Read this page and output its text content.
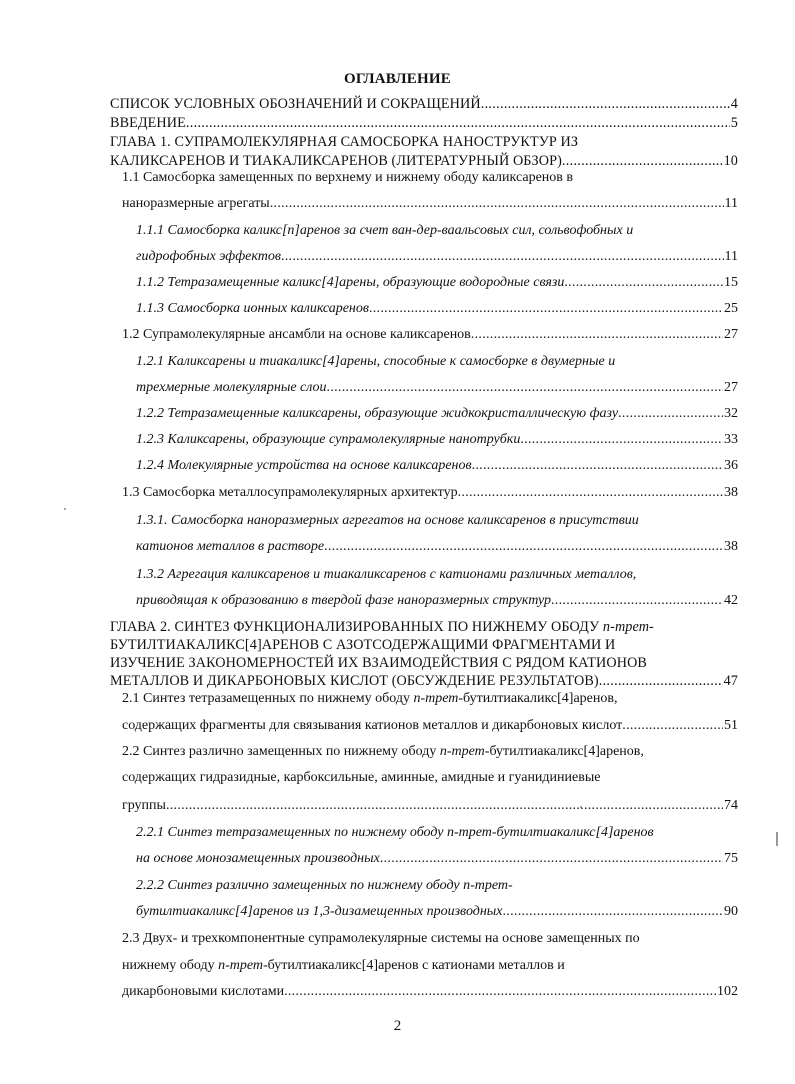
ОГЛАВЛЕНИЕ
СПИСОК УСЛОВНЫХ ОБОЗНАЧЕНИЙ И СОКРАЩЕНИЙ .....	4
ВВЕДЕНИЕ .....	5
ГЛАВА 1. СУПРАМОЛЕКУЛЯРНАЯ САМОСБОРКА НАНОСТРУКТУР ИЗ
КАЛИКСАРЕНОВ И ТИАКАЛИКСАРЕНОВ (ЛИТЕРАТУРНЫЙ ОБЗОР) .....	10
1.1 Самосборка замещенных по верхнему и нижнему ободу каликсаренов в
наноразмерные агрегаты .....	11
1.1.1 Самосборка каликс[n]аренов за счет ван-дер-ваальсовых сил, сольвофобных и
гидрофобных эффектов .....	11
1.1.2 Тетразамещенные каликс[4]арены, образующие водородные связи .....	15
1.1.3 Самосборка ионных каликсаренов .....	25
1.2 Супрамолекулярные ансамбли на основе каликсаренов .....	27
1.2.1 Каликсарены и тиакаликс[4]арены, способные к самосборке в двумерные и
трехмерные молекулярные слои .....	27
1.2.2 Тетразамещенные каликсарены, образующие жидкокристаллическую фазу .....	32
1.2.3 Каликсарены, образующие супрамолекулярные нанотрубки .....	33
1.2.4 Молекулярные устройства на основе каликсаренов .....	36
1.3 Самосборка металлосупрамолекулярных архитектур .....	38
1.3.1. Самосборка наноразмерных агрегатов на основе каликсаренов в присутствии
катионов металлов в растворе .....	38
1.3.2 Агрегация каликсаренов и тиакаликсаренов с катионами различных металлов,
приводящая к образованию в твердой фазе наноразмерных структур .....	42
ГЛАВА 2. СИНТЕЗ ФУНКЦИОНАЛИЗИРОВАННЫХ ПО НИЖНЕМУ ОБОДУ п-трет-
БУТИЛТИАКАЛИКС[4]АРЕНОВ С АЗОТСОДЕРЖАЩИМИ ФРАГМЕНТАМИ И
ИЗУЧЕНИЕ ЗАКОНОМЕРНОСТЕЙ ИХ ВЗАИМОДЕЙСТВИЯ С РЯДОМ КАТИОНОВ
МЕТАЛЛОВ И ДИКАРБОНОВЫХ КИСЛОТ (ОБСУЖДЕНИЕ РЕЗУЛЬТАТОВ) .....	47
2.1 Синтез тетразамещенных по нижнему ободу п-трет-бутилтиакаликс[4]аренов,
содержащих фрагменты для связывания катионов металлов и дикарбоновых кислот .....	51
2.2 Синтез различно замещенных по нижнему ободу п-трет-бутилтиакаликс[4]аренов,
содержащих гидразидные, карбоксильные, аминные, амидные и гуанидиниевые
группы .....	74
2.2.1 Синтез тетразамещенных по нижнему ободу п-трет-бутилтиакаликс[4]аренов
на основе монозамещенных производных .....	75
2.2.2 Синтез различно замещенных по нижнему ободу п-трет-
бутилтиакаликс[4]аренов из 1,3-дизамещенных производных .....	90
2.3 Двух- и трехкомпонентные супрамолекулярные системы на основе замещенных по
нижнему ободу п-трет-бутилтиакаликс[4]аренов с катионами металлов и
дикарбоновыми кислотами .....	102
2
